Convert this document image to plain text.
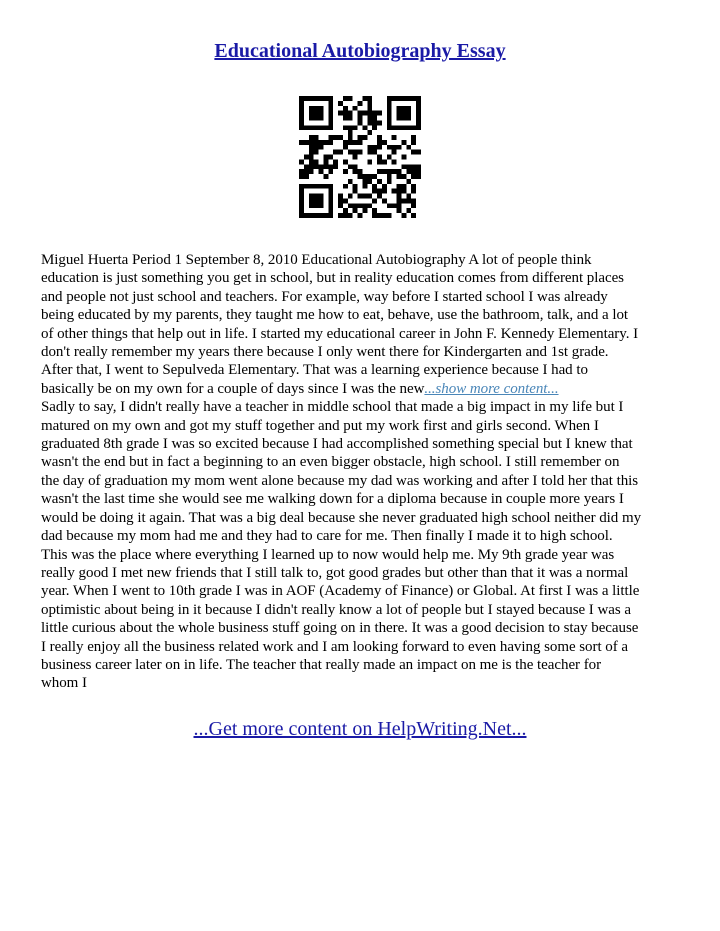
Educational Autobiography Essay
Miguel Huerta Period 1 September 8, 2010 Educational Autobiography A lot of people think
education is just something you get in school, but in reality education comes from different places
and people not just school and teachers. For example, way before I started school I was already
being educated by my parents, they taught me how to eat, behave, use the bathroom, talk, and a lot
of other things that help out in life. I started my educational career in John F. Kennedy Elementary. I
don't really remember my years there because I only went there for Kindergarten and 1st grade.
After that, I went to Sepulveda Elementary. That was a learning experience because I had to
basically be on my own for a couple of days since I was the new...show more content...
Sadly to say, I didn't really have a teacher in middle school that made a big impact in my life but I
matured on my own and got my stuff together and put my work first and girls second. When I
graduated 8th grade I was so excited because I had accomplished something special but I knew that
wasn't the end but in fact a beginning to an even bigger obstacle, high school. I still remember on
the day of graduation my mom went alone because my dad was working and after I told her that this
wasn't the last time she would see me walking down for a diploma because in couple more years I
would be doing it again. That was a big deal because she never graduated high school neither did my
dad because my mom had me and they had to care for me. Then finally I made it to high school.
This was the place where everything I learned up to now would help me. My 9th grade year was
really good I met new friends that I still talk to, got good grades but other than that it was a normal
year. When I went to 10th grade I was in AOF (Academy of Finance) or Global. At first I was a little
optimistic about being in it because I didn't really know a lot of people but I stayed because I was a
little curious about the whole business stuff going on in there. It was a good decision to stay because
I really enjoy all the business related work and I am looking forward to even having some sort of a
business career later on in life. The teacher that really made an impact on me is the teacher for
whom I
...Get more content on HelpWriting.Net...
